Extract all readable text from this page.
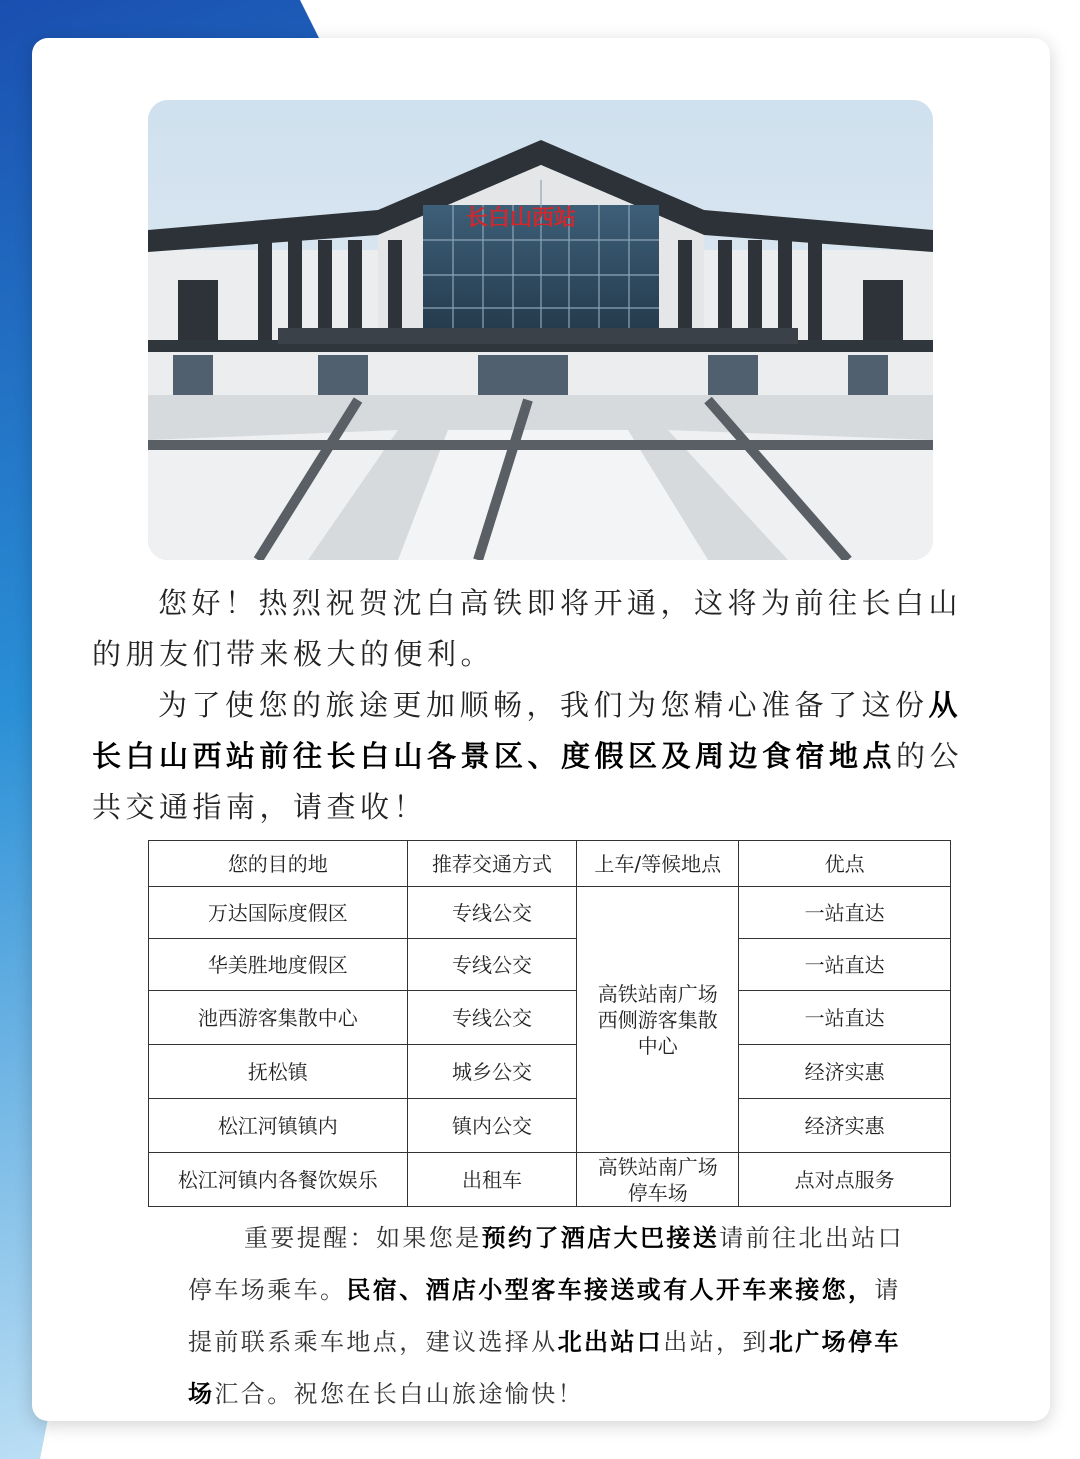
长白山西站

您好！热烈祝贺沈白高铁即将开通，这将为前往长白山的朋友们带来极大的便利。

为了使您的旅途更加顺畅，我们为您精心准备了这份从长白山西站前往长白山各景区、度假区及周边食宿地点的公共交通指南，请查收！

您的目的地	推荐交通方式	上车/等候地点	优点
万达国际度假区	专线公交	高铁站南广场西侧游客集散中心	一站直达
华美胜地度假区	专线公交		一站直达
池西游客集散中心	专线公交		一站直达
抚松镇	城乡公交		经济实惠
松江河镇镇内	镇内公交		经济实惠
松江河镇内各餐饮娱乐	出租车	高铁站南广场停车场	点对点服务

重要提醒：如果您是预约了酒店大巴接送请前往北出站口停车场乘车。民宿、酒店小型客车接送或有人开车来接您，请提前联系乘车地点，建议选择从北出站口出站，到北广场停车场汇合。祝您在长白山旅途愉快！
